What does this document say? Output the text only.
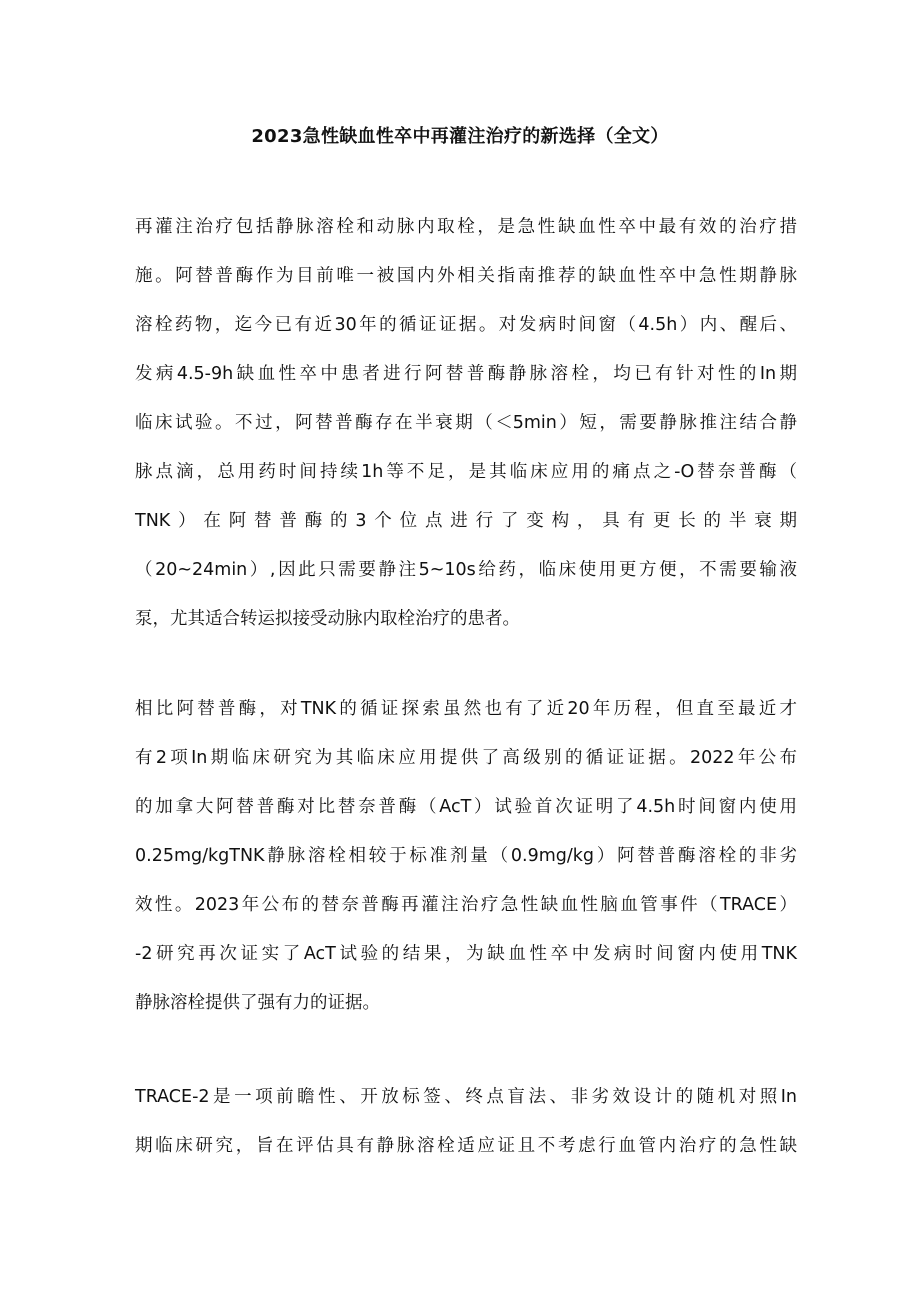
2023急性缺血性卒中再灌注治疗的新选择（全文）
再灌注治疗包括静脉溶栓和动脉内取栓，是急性缺血性卒中最有效的治疗措
施。阿替普酶作为目前唯一被国内外相关指南推荐的缺血性卒中急性期静脉
溶栓药物，迄今已有近30年的循证证据。对发病时间窗（4.5h）内、醒后、
发病4.5-9h缺血性卒中患者进行阿替普酶静脉溶栓，均已有针对性的In期
临床试验。不过，阿替普酶存在半衰期（＜5min）短，需要静脉推注结合静
脉点滴，总用药时间持续1h等不足，是其临床应用的痛点之-O替奈普酶（
TNK）在阿替普酶的3个位点进行了变构，具有更长的半衰期
（20~24min）,因此只需要静注5~10s给药，临床使用更方便，不需要输液
泵，尤其适合转运拟接受动脉内取栓治疗的患者。
相比阿替普酶，对TNK的循证探索虽然也有了近20年历程，但直至最近才
有2项In期临床研究为其临床应用提供了高级别的循证证据。2022年公布
的加拿大阿替普酶对比替奈普酶（AcT）试验首次证明了4.5h时间窗内使用
0.25mg/kgTNK静脉溶栓相较于标准剂量（0.9mg/kg）阿替普酶溶栓的非劣
效性。2023年公布的替奈普酶再灌注治疗急性缺血性脑血管事件（TRACE）
-2研究再次证实了AcT试验的结果，为缺血性卒中发病时间窗内使用TNK
静脉溶栓提供了强有力的证据。
TRACE-2是一项前瞻性、开放标签、终点盲法、非劣效设计的随机对照In
期临床研究，旨在评估具有静脉溶栓适应证且不考虑行血管内治疗的急性缺
